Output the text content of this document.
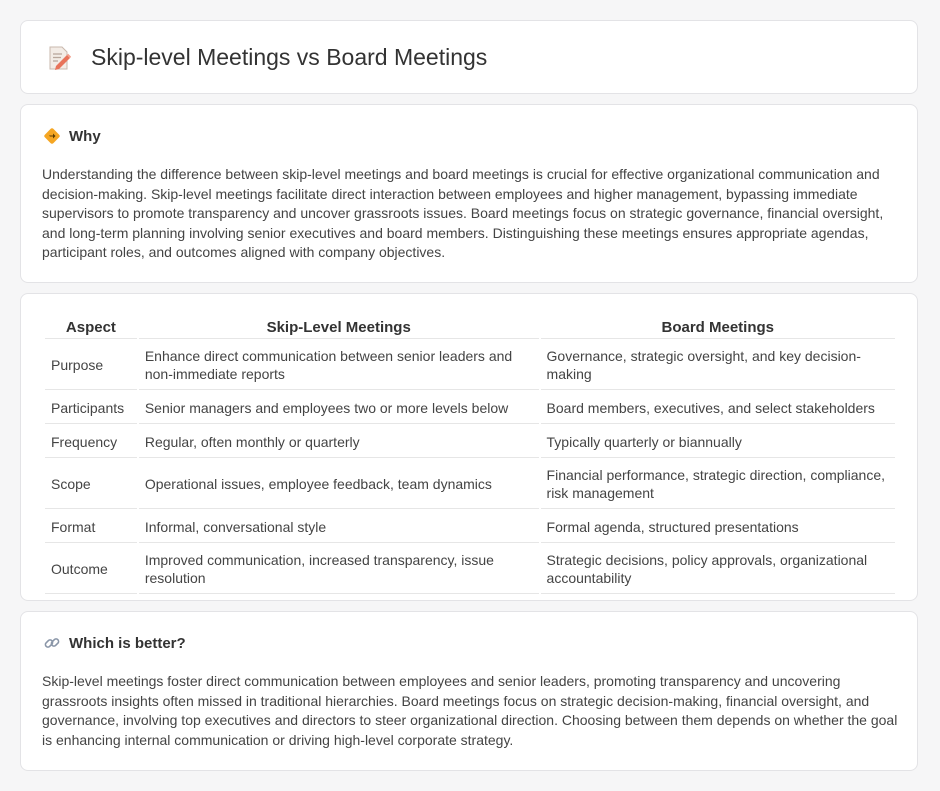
Skip-level Meetings vs Board Meetings
Why

Understanding the difference between skip-level meetings and board meetings is crucial for effective organizational communication and decision-making. Skip-level meetings facilitate direct interaction between employees and higher management, bypassing immediate supervisors to promote transparency and uncover grassroots issues. Board meetings focus on strategic governance, financial oversight, and long-term planning involving senior executives and board members. Distinguishing these meetings ensures appropriate agendas, participant roles, and outcomes aligned with company objectives.

Aspect	Skip-Level Meetings	Board Meetings
Purpose	Enhance direct communication between senior leaders and non-immediate reports	Governance, strategic oversight, and key decision-making
Participants	Senior managers and employees two or more levels below	Board members, executives, and select stakeholders
Frequency	Regular, often monthly or quarterly	Typically quarterly or biannually
Scope	Operational issues, employee feedback, team dynamics	Financial performance, strategic direction, compliance, risk management
Format	Informal, conversational style	Formal agenda, structured presentations
Outcome	Improved communication, increased transparency, issue resolution	Strategic decisions, policy approvals, organizational accountability
Which is better?

Skip-level meetings foster direct communication between employees and senior leaders, promoting transparency and uncovering grassroots insights often missed in traditional hierarchies. Board meetings focus on strategic decision-making, financial oversight, and governance, involving top executives and directors to steer organizational direction. Choosing between them depends on whether the goal is enhancing internal communication or driving high-level corporate strategy.
